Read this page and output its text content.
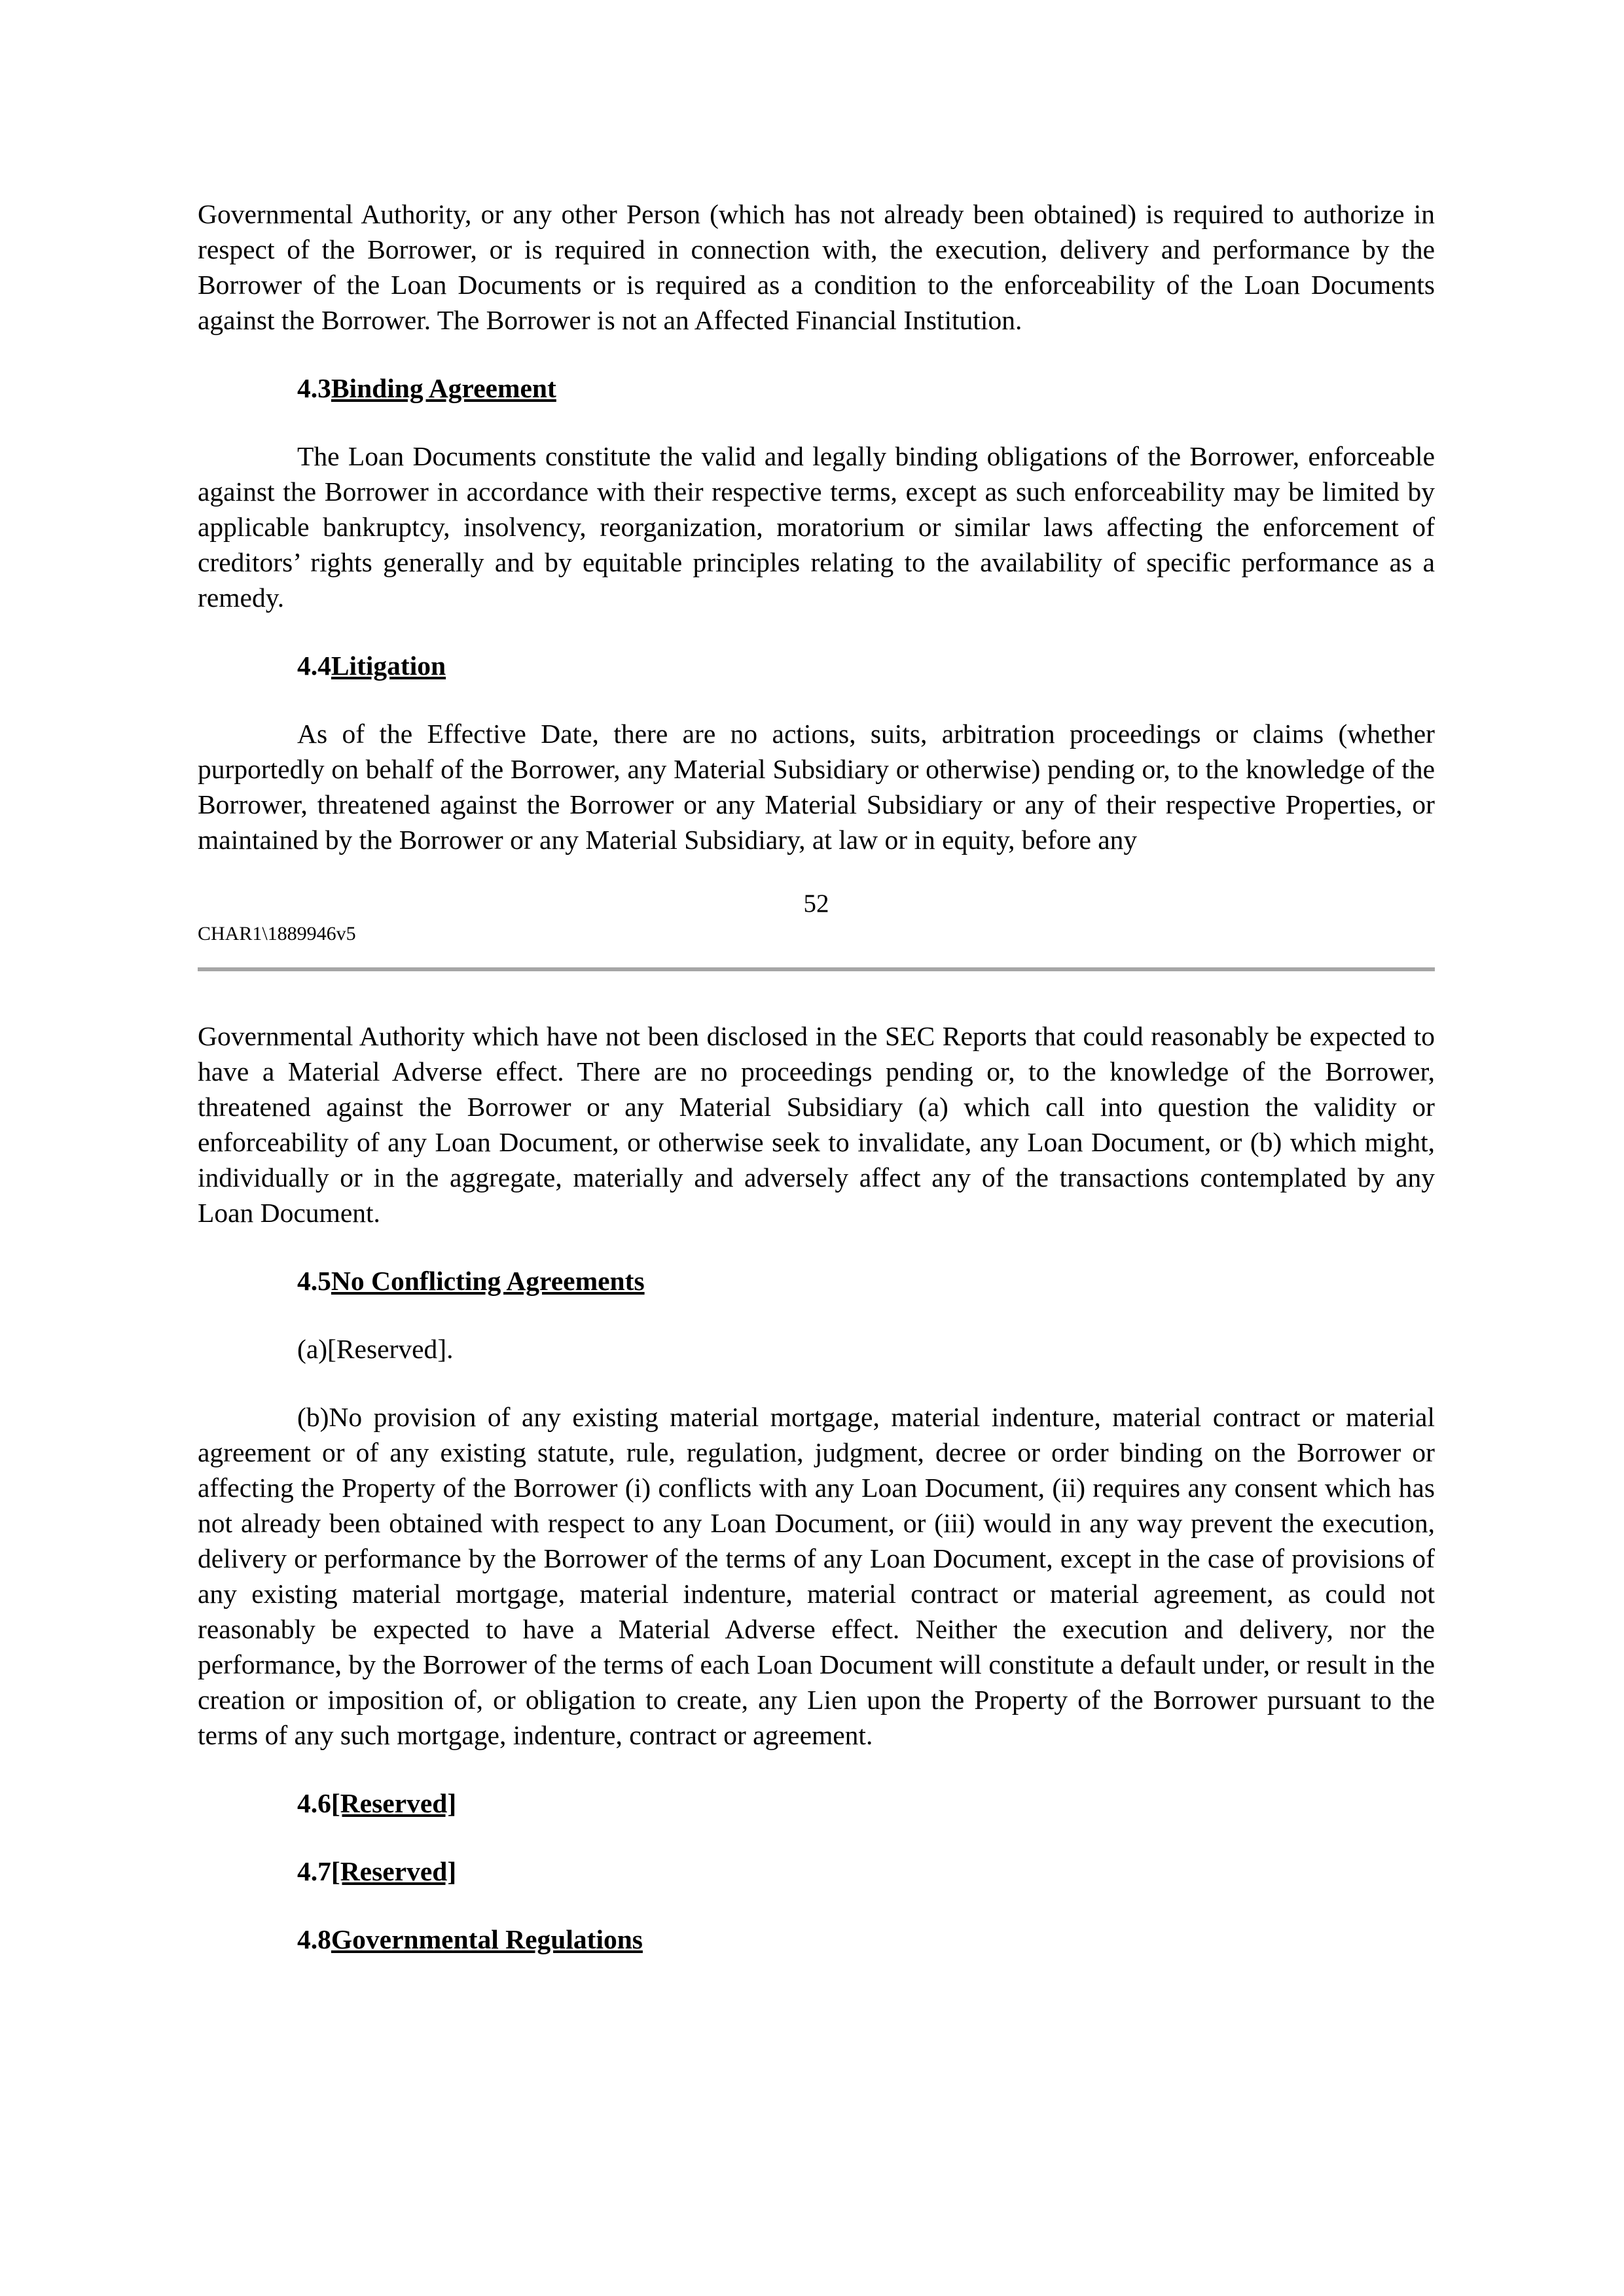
Governmental Authority, or any other Person (which has not already been obtained) is required to authorize in respect of the Borrower, or is required in connection with, the execution, delivery and performance by the Borrower of the Loan Documents or is required as a condition to the enforceability of the Loan Documents against the Borrower. The Borrower is not an Affected Financial Institution.

4.3Binding Agreement

The Loan Documents constitute the valid and legally binding obligations of the Borrower, enforceable against the Borrower in accordance with their respective terms, except as such enforceability may be limited by applicable bankruptcy, insolvency, reorganization, moratorium or similar laws affecting the enforcement of creditors’ rights generally and by equitable principles relating to the availability of specific performance as a remedy.

4.4Litigation

As of the Effective Date, there are no actions, suits, arbitration proceedings or claims (whether purportedly on behalf of the Borrower, any Material Subsidiary or otherwise) pending or, to the knowledge of the Borrower, threatened against the Borrower or any Material Subsidiary or any of their respective Properties, or maintained by the Borrower or any Material Subsidiary, at law or in equity, before any

52
CHAR1\1889946v5

Governmental Authority which have not been disclosed in the SEC Reports that could reasonably be expected to have a Material Adverse effect. There are no proceedings pending or, to the knowledge of the Borrower, threatened against the Borrower or any Material Subsidiary (a) which call into question the validity or enforceability of any Loan Document, or otherwise seek to invalidate, any Loan Document, or (b) which might, individually or in the aggregate, materially and adversely affect any of the transactions contemplated by any Loan Document.

4.5No Conflicting Agreements

(a)[Reserved].

(b)No provision of any existing material mortgage, material indenture, material contract or material agreement or of any existing statute, rule, regulation, judgment, decree or order binding on the Borrower or affecting the Property of the Borrower (i) conflicts with any Loan Document, (ii) requires any consent which has not already been obtained with respect to any Loan Document, or (iii) would in any way prevent the execution, delivery or performance by the Borrower of the terms of any Loan Document, except in the case of provisions of any existing material mortgage, material indenture, material contract or material agreement, as could not reasonably be expected to have a Material Adverse effect. Neither the execution and delivery, nor the performance, by the Borrower of the terms of each Loan Document will constitute a default under, or result in the creation or imposition of, or obligation to create, any Lien upon the Property of the Borrower pursuant to the terms of any such mortgage, indenture, contract or agreement.

4.6[Reserved]

4.7[Reserved]

4.8Governmental Regulations
